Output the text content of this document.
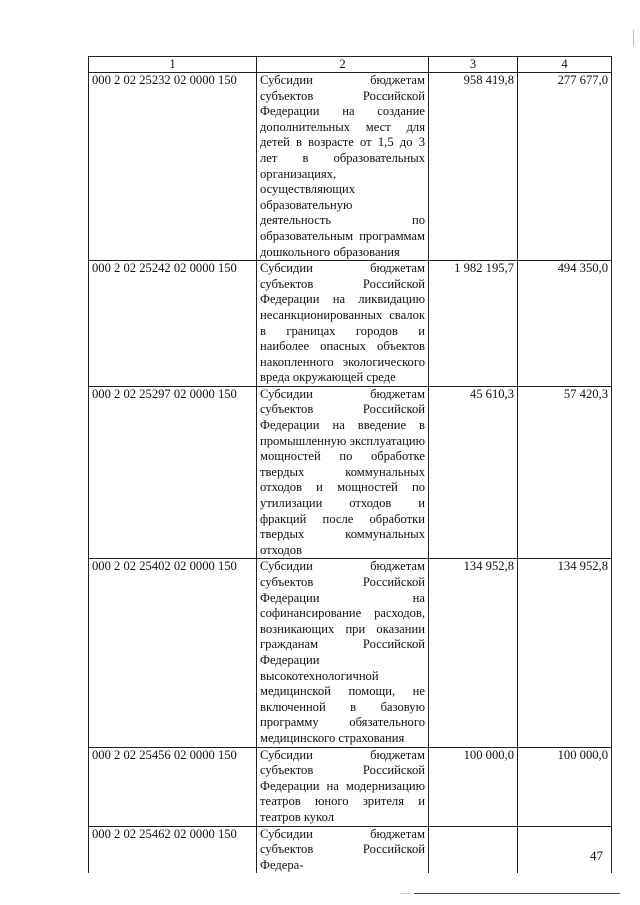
1	2	3	4
000 2 02 25232 02 0000 150	Субсидии бюджетам субъектов Российской Федерации на создание дополнительных мест для детей в возрасте от 1,5 до 3 лет в образовательных организациях, осуществляющих образовательную деятельность по образовательным программам дошкольного образования	958 419,8	277 677,0
000 2 02 25242 02 0000 150	Субсидии бюджетам субъектов Российской Федерации на ликвидацию несанкционированных свалок в границах городов и наиболее опасных объектов накопленного экологического вреда окружающей среде	1 982 195,7	494 350,0
000 2 02 25297 02 0000 150	Субсидии бюджетам субъектов Российской Федерации на введение в промышленную эксплуатацию мощностей по обработке твердых коммунальных отходов и мощностей по утилизации отходов и фракций после обработки твердых коммунальных отходов	45 610,3	57 420,3
000 2 02 25402 02 0000 150	Субсидии бюджетам субъектов Российской Федерации на софинансирование расходов, возникающих при оказании гражданам Российской Федерации высокотехнологичной медицинской помощи, не включенной в базовую программу обязательного медицинского страхования	134 952,8	134 952,8
000 2 02 25456 02 0000 150	Субсидии бюджетам субъектов Российской Федерации на модернизацию театров юного зрителя и театров кукол	100 000,0	100 000,0
000 2 02 25462 02 0000 150	Субсидии бюджетам субъектов Российской Федера-		
47
